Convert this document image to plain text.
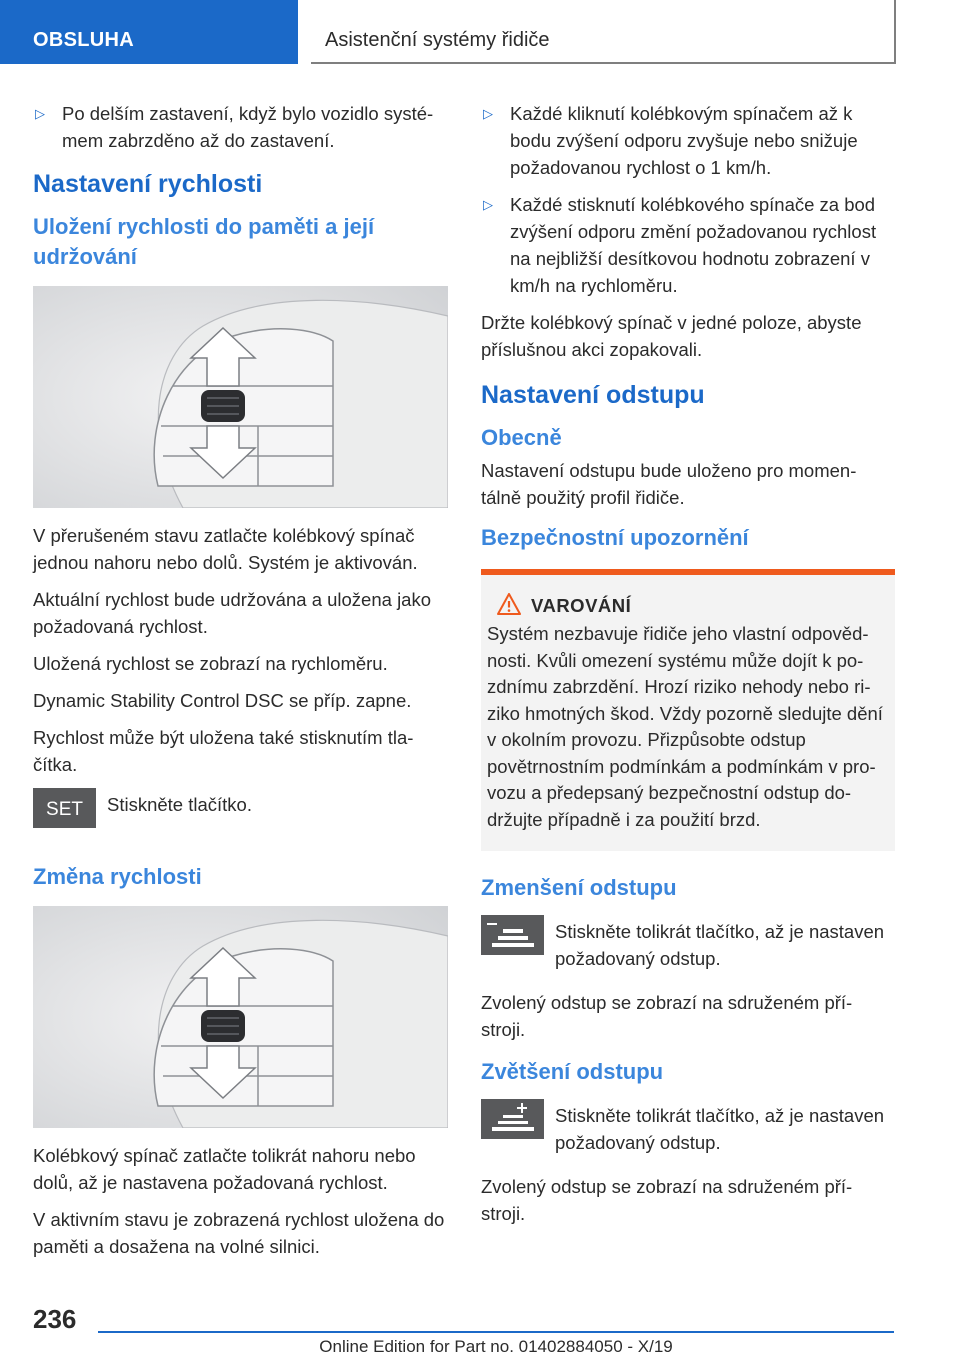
OBSLUHA	Asistenční systémy řidiče
▷ Po delším zastavení, když bylo vozidlo systé‐mem zabrzděno až do zastavení.
Nastavení rychlosti
Uložení rychlosti do paměti a její udržování

V přerušeném stavu zatlačte kolébkový spínač jednou nahoru nebo dolů. Systém je aktivován.

Aktuální rychlost bude udržována a uložena jako požadovaná rychlost.

Uložená rychlost se zobrazí na rychloměru.

Dynamic Stability Control DSC se příp. zapne.

Rychlost může být uložena také stisknutím tla‐čítka.

SET Stiskněte tlačítko.
Změna rychlosti

Kolébkový spínač zatlačte tolikrát nahoru nebo dolů, až je nastavena požadovaná rychlost.

V aktivním stavu je zobrazená rychlost uložena do paměti a dosažena na volné silnici.

▷ Každé kliknutí kolébkovým spínačem až k bodu zvýšení odporu zvyšuje nebo snižuje požadovanou rychlost o 1 km/h.
▷ Každé stisknutí kolébkového spínače za bod zvýšení odporu změní požadovanou rychlost na nejbližší desítkovou hodnotu zobrazení v km/h na rychloměru.

Držte kolébkový spínač v jedné poloze, abyste příslušnou akci zopakovali.

Nastavení odstupu
Obecně

Nastavení odstupu bude uloženo pro momen‐tálně použitý profil řidiče.

Bezpečnostní upozornění
VAROVÁNÍ

Systém nezbavuje řidiče jeho vlastní odpověd‐nosti. Kvůli omezení systému může dojít k po‐zdnímu zabrzdění. Hrozí riziko nehody nebo ri‐ziko hmotných škod. Vždy pozorně sledujte dění v okolním provozu. Přizpůsobte odstup povětrnostním podmínkám a podmínkám v pro‐vozu a předepsaný bezpečnostní odstup do‐držujte případně i za použití brzd.

Zmenšení odstupu
Stiskněte tolikrát tlačítko, až je nastaven požadovaný odstup.

Zvolený odstup se zobrazí na sdruženém pří‐stroji.

Zvětšení odstupu
Stiskněte tolikrát tlačítko, až je nastaven požadovaný odstup.

Zvolený odstup se zobrazí na sdruženém pří‐stroji.

236
Online Edition for Part no. 01402884050 - X/19
